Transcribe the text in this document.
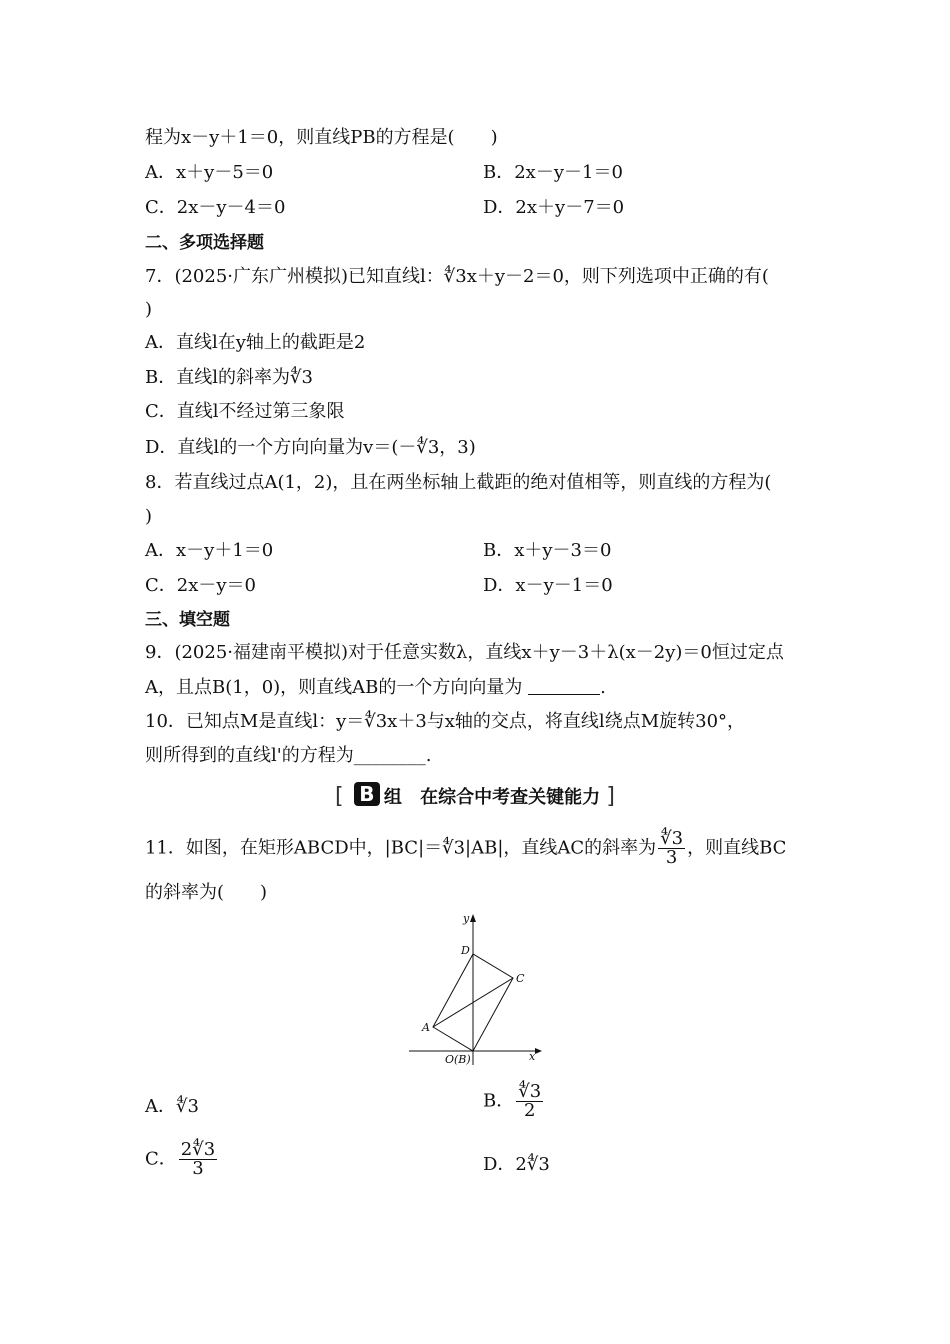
程为x－y＋1＝0，则直线PB的方程是(　　)
A．x＋y－5＝0	B．2x－y－1＝0
C．2x－y－4＝0	D．2x＋y－7＝0
二、多项选择题
7．(2025·广东广州模拟)已知直线l：∜3x＋y－2＝0，则下列选项中正确的有(
)
A．直线l在y轴上的截距是2
B．直线l的斜率为∜3
C．直线l不经过第三象限
D．直线l的一个方向向量为v＝(－∜3，3)
8．若直线过点A(1，2)，且在两坐标轴上截距的绝对值相等，则直线的方程为(
)
A．x－y＋1＝0	B．x＋y－3＝0
C．2x－y＝0	D．x－y－1＝0
三、填空题
9．(2025·福建南平模拟)对于任意实数λ，直线x＋y－3＋λ(x－2y)＝0恒过定点
A，且点B(1，0)，则直线AB的一个方向向量为	.
10．已知点M是直线l：y＝∜3x＋3与x轴的交点，将直线l绕点M旋转30°，
则所得到的直线l'的方程为________.
[ B 组 在综合中考查关键能力 ]
11．如图，在矩形ABCD中，|BC|＝∜3|AB|，直线AC的斜率为 $\frac{∜3}{3}$ ，则直线BC
的斜率为(　　)
y
x
D
C
A
O(B)
A．∜3	B． $\frac{∜3}{2}$
C． $\frac{2∜3}{3}$	D．2∜3
